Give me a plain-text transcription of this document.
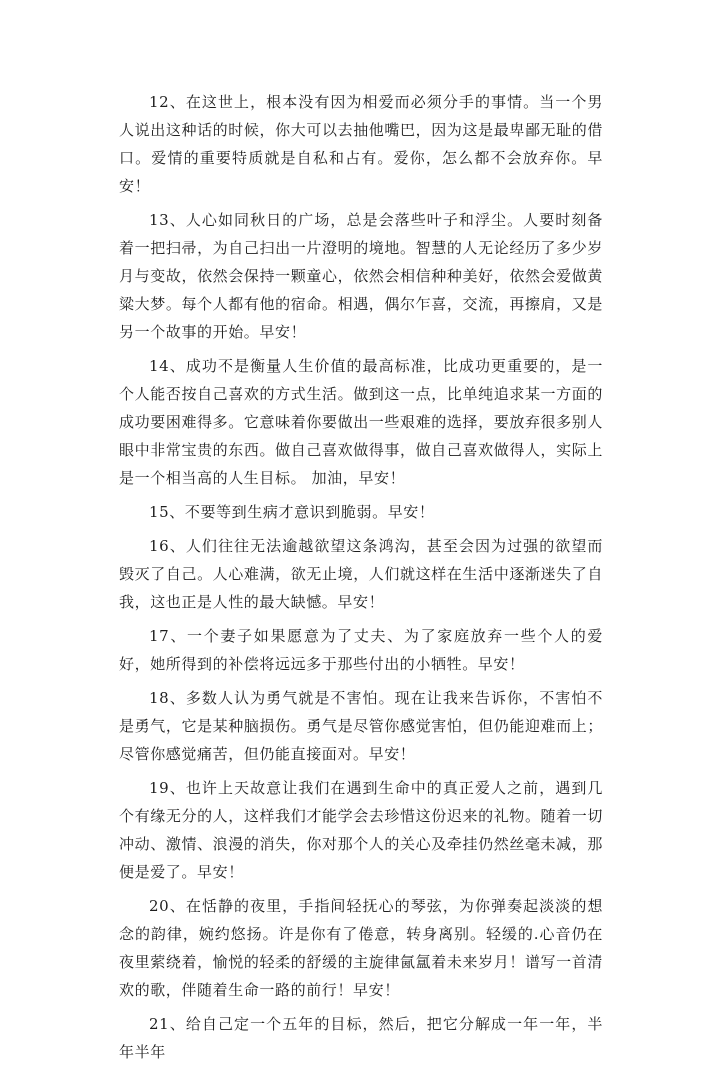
12、在这世上，根本没有因为相爱而必须分手的事情。当一个男人说出这种话的时候，你大可以去抽他嘴巴，因为这是最卑鄙无耻的借口。爱情的重要特质就是自私和占有。爱你，怎么都不会放弃你。早安！

13、人心如同秋日的广场，总是会落些叶子和浮尘。人要时刻备着一把扫帚，为自己扫出一片澄明的境地。智慧的人无论经历了多少岁月与变故，依然会保持一颗童心，依然会相信种种美好，依然会爱做黄粱大梦。每个人都有他的宿命。相遇，偶尔乍喜，交流，再擦肩，又是另一个故事的开始。早安！

14、成功不是衡量人生价值的最高标准，比成功更重要的，是一个人能否按自己喜欢的方式生活。做到这一点，比单纯追求某一方面的成功要困难得多。它意味着你要做出一些艰难的选择，要放弃很多别人眼中非常宝贵的东西。做自己喜欢做得事，做自己喜欢做得人，实际上是一个相当高的人生目标。 加油，早安！

15、不要等到生病才意识到脆弱。早安！

16、人们往往无法逾越欲望这条鸿沟，甚至会因为过强的欲望而毁灭了自己。人心难满，欲无止境，人们就这样在生活中逐渐迷失了自我，这也正是人性的最大缺憾。早安！

17、一个妻子如果愿意为了丈夫、为了家庭放弃一些个人的爱好，她所得到的补偿将远远多于那些付出的小牺牲。早安！

18、多数人认为勇气就是不害怕。现在让我来告诉你，不害怕不是勇气，它是某种脑损伤。勇气是尽管你感觉害怕，但仍能迎难而上；尽管你感觉痛苦，但仍能直接面对。早安！

19、也许上天故意让我们在遇到生命中的真正爱人之前，遇到几个有缘无分的人，这样我们才能学会去珍惜这份迟来的礼物。随着一切冲动、激情、浪漫的消失，你对那个人的关心及牵挂仍然丝毫未减，那便是爱了。早安！

20、在恬静的夜里，手指间轻抚心的琴弦，为你弹奏起淡淡的想念的韵律，婉约悠扬。许是你有了倦意，转身离别。轻缓的.心音仍在夜里萦绕着，愉悦的轻柔的舒缓的主旋律氤氲着未来岁月！谱写一首清欢的歌，伴随着生命一路的前行！早安！

21、给自己定一个五年的目标，然后，把它分解成一年一年，半年半年
